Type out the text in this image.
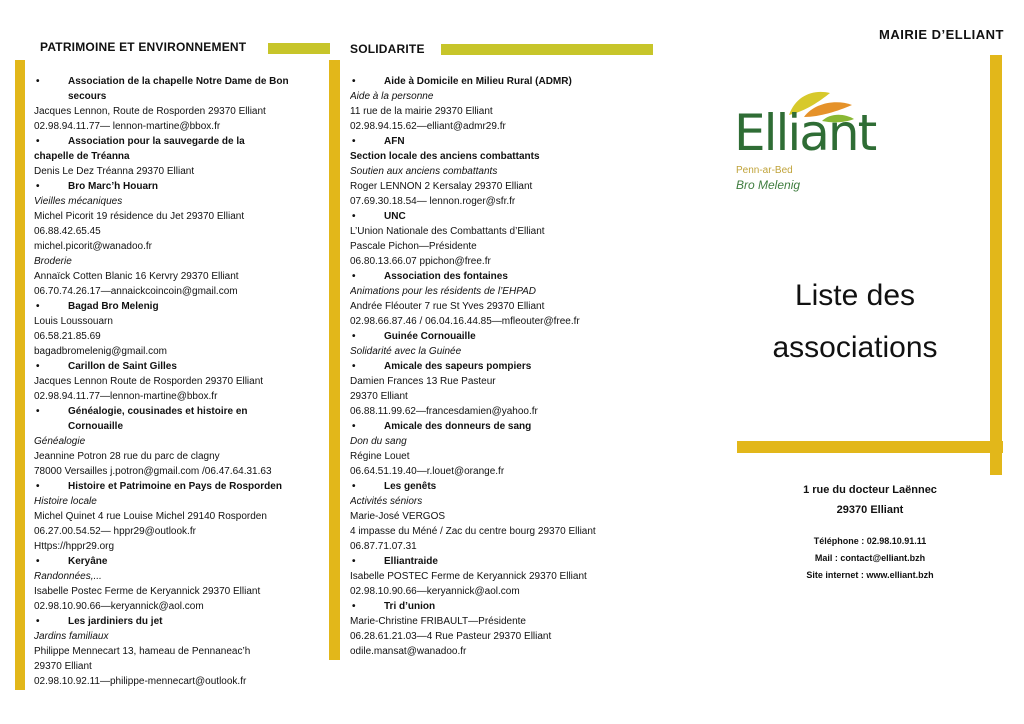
PATRIMOINE ET ENVIRONNEMENT	SOLIDARITE
• Association de la chapelle Notre Dame de Bon
secours
Jacques Lennon, Route de Rosporden 29370 Elliant
02.98.94.11.77— lennon-martine@bbox.fr
• Association pour la sauvegarde de la
chapelle de Tréanna
Denis Le Dez Tréanna 29370 Elliant
• Bro Marc’h Houarn
Vieilles mécaniques
Michel Picorit 19 résidence du Jet 29370 Elliant
06.88.42.65.45
michel.picorit@wanadoo.fr
Broderie
Annaïck Cotten Blanic 16 Kervry 29370 Elliant
06.70.74.26.17—annaickcoincoin@gmail.com
• Bagad Bro Melenig
Louis Loussouarn
06.58.21.85.69
bagadbromelenig@gmail.com
• Carillon de Saint Gilles
Jacques Lennon Route de Rosporden 29370 Elliant
02.98.94.11.77—lennon-martine@bbox.fr
• Généalogie, cousinades et histoire en
Cornouaille
Généalogie
Jeannine Potron 28 rue du parc de clagny
78000 Versailles j.potron@gmail.com /06.47.64.31.63
• Histoire et Patrimoine en Pays de Rosporden
Histoire locale
Michel Quinet 4 rue Louise Michel 29140 Rosporden
06.27.00.54.52— hppr29@outlook.fr
Https://hppr29.org
• Keryâne
Randonnées,...
Isabelle Postec Ferme de Keryannick 29370 Elliant
02.98.10.90.66—keryannick@aol.com
• Les jardiniers du jet
Jardins familiaux
Philippe Mennecart 13, hameau de Pennaneac’h
29370 Elliant
02.98.10.92.11—philippe-mennecart@outlook.fr
• Aide à Domicile en Milieu Rural (ADMR)
Aide à la personne
11 rue de la mairie 29370 Elliant
02.98.94.15.62—elliant@admr29.fr
• AFN
Section locale des anciens combattants
Soutien aux anciens combattants
Roger LENNON 2 Kersalay 29370 Elliant
07.69.30.18.54— lennon.roger@sfr.fr
• UNC
L’Union Nationale des Combattants d’Elliant
Pascale Pichon—Présidente
06.80.13.66.07 ppichon@free.fr
• Association des fontaines
Animations pour les résidents de l’EHPAD
Andrée Fléouter 7 rue St Yves 29370 Elliant
02.98.66.87.46 / 06.04.16.44.85—mfleouter@free.fr
• Guinée Cornouaille
Solidarité avec la Guinée
• Amicale des sapeurs pompiers
Damien Frances 13 Rue Pasteur
29370 Elliant
06.88.11.99.62—francesdamien@yahoo.fr
• Amicale des donneurs de sang
Don du sang
Régine Louet
06.64.51.19.40—r.louet@orange.fr
• Les genêts
Activités séniors
Marie-José VERGOS
4 impasse du Méné / Zac du centre bourg 29370 Elliant
06.87.71.07.31
• Elliantraide
Isabelle POSTEC Ferme de Keryannick 29370 Elliant
02.98.10.90.66—keryannick@aol.com
• Tri d’union
Marie-Christine FRIBAULT—Présidente
06.28.61.21.03—4 Rue Pasteur 29370 Elliant
odile.mansat@wanadoo.fr
MAIRIE D’ELLIANT
Elliant
Penn-ar-Bed
Bro Melenig
Liste des
associations
1 rue du docteur Laënnec
29370 Elliant
Téléphone : 02.98.10.91.11
Mail : contact@elliant.bzh
Site internet : www.elliant.bzh
